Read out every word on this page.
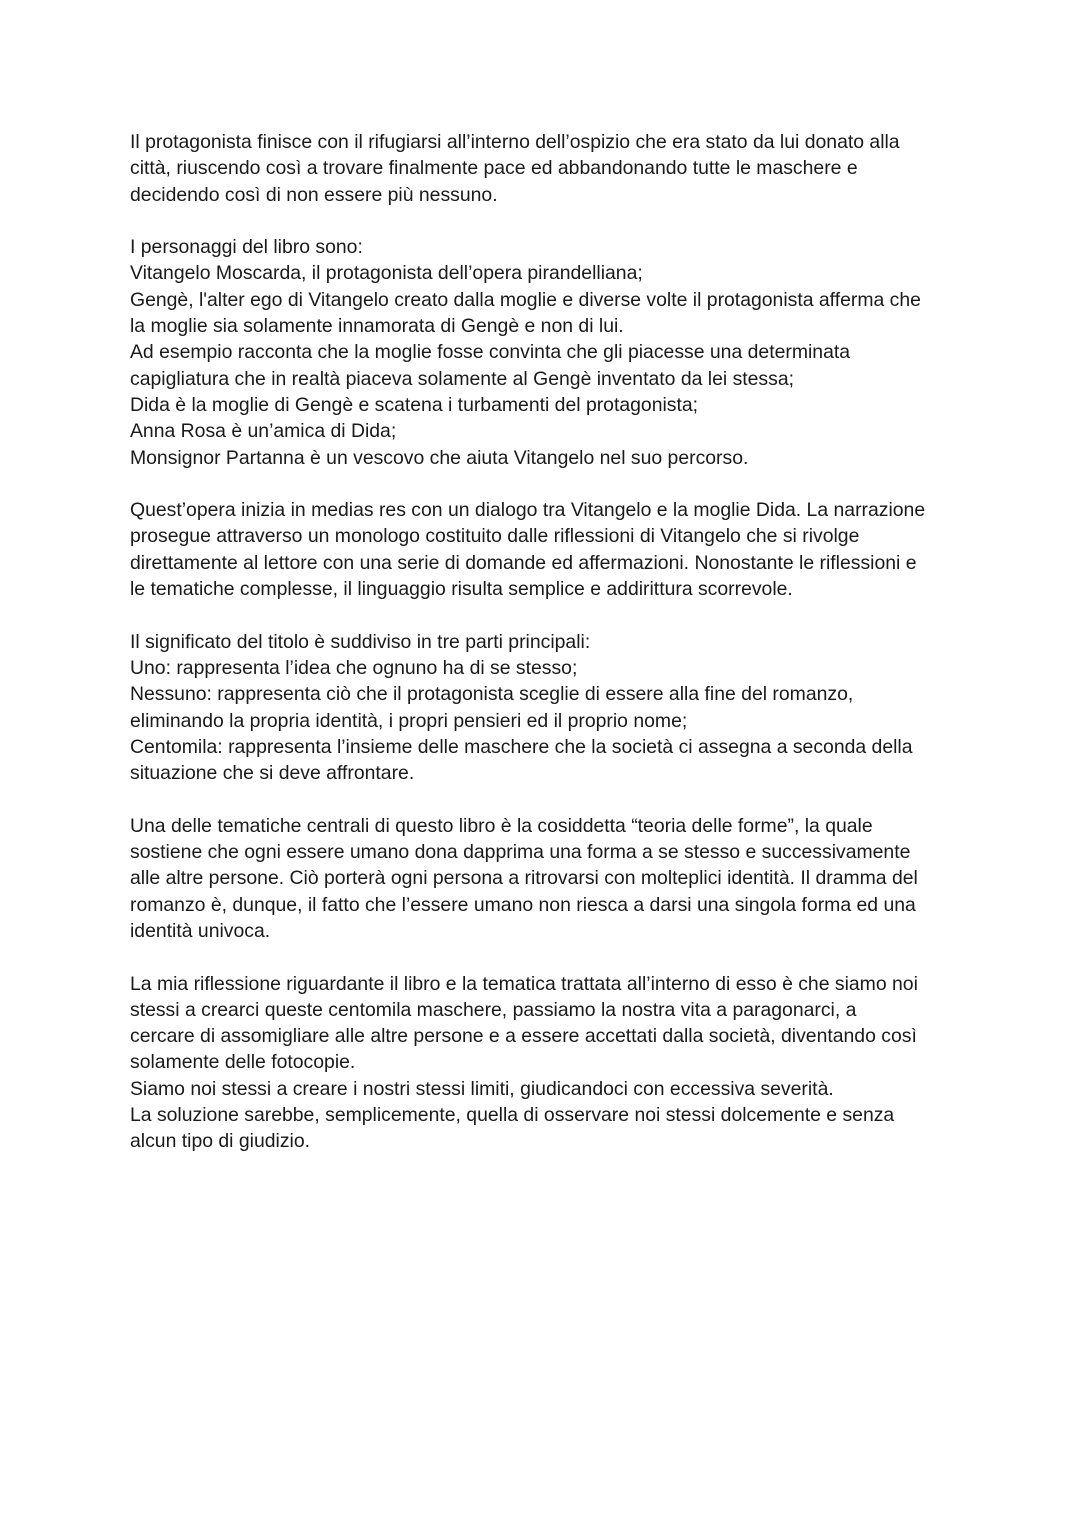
Il protagonista finisce con il rifugiarsi all’interno dell’ospizio che era stato da lui donato alla
città, riuscendo così a trovare finalmente pace ed abbandonando tutte le maschere e
decidendo così di non essere più nessuno.
I personaggi del libro sono:
Vitangelo Moscarda, il protagonista dell’opera pirandelliana;
Gengè, l'alter ego di Vitangelo creato dalla moglie e diverse volte il protagonista afferma che
la moglie sia solamente innamorata di Gengè e non di lui.
Ad esempio racconta che la moglie fosse convinta che gli piacesse una determinata
capigliatura che in realtà piaceva solamente al Gengè inventato da lei stessa;
Dida è la moglie di Gengè e scatena i turbamenti del protagonista;
Anna Rosa è un’amica di Dida;
Monsignor Partanna è un vescovo che aiuta Vitangelo nel suo percorso.
Quest’opera inizia in medias res con un dialogo tra Vitangelo e la moglie Dida. La narrazione
prosegue attraverso un monologo costituito dalle riflessioni di Vitangelo che si rivolge
direttamente al lettore con una serie di domande ed affermazioni. Nonostante le riflessioni e
le tematiche complesse, il linguaggio risulta semplice e addirittura scorrevole.
Il significato del titolo è suddiviso in tre parti principali:
Uno: rappresenta l’idea che ognuno ha di se stesso;
Nessuno: rappresenta ciò che il protagonista sceglie di essere alla fine del romanzo,
eliminando la propria identità, i propri pensieri ed il proprio nome;
Centomila: rappresenta l’insieme delle maschere che la società ci assegna a seconda della
situazione che si deve affrontare.
Una delle tematiche centrali di questo libro è la cosiddetta “teoria delle forme”, la quale
sostiene che ogni essere umano dona dapprima una forma a se stesso e successivamente
alle altre persone. Ciò porterà ogni persona a ritrovarsi con molteplici identità. Il dramma del
romanzo è, dunque, il fatto che l’essere umano non riesca a darsi una singola forma ed una
identità univoca.
La mia riflessione riguardante il libro e la tematica trattata all’interno di esso è che siamo noi
stessi a crearci queste centomila maschere, passiamo la nostra vita a paragonarci, a
cercare di assomigliare alle altre persone e a essere accettati dalla società, diventando così
solamente delle fotocopie.
Siamo noi stessi a creare i nostri stessi limiti, giudicandoci con eccessiva severità.
La soluzione sarebbe, semplicemente, quella di osservare noi stessi dolcemente e senza
alcun tipo di giudizio.
